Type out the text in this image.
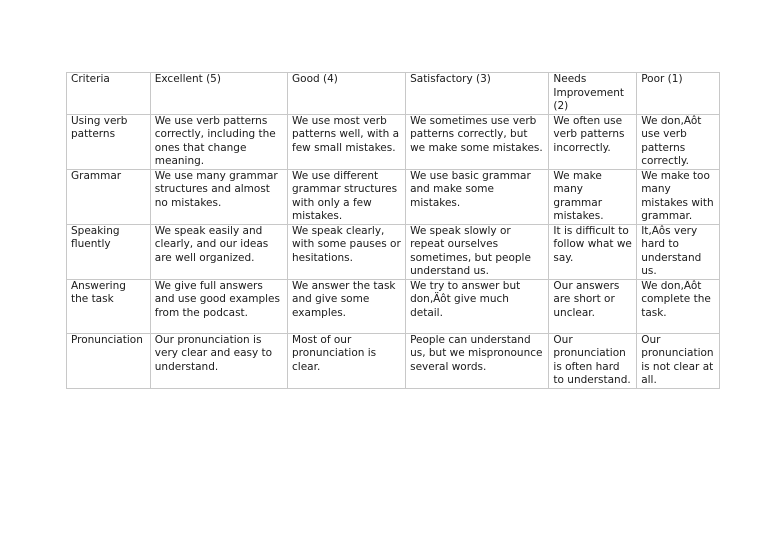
Criteria	Excellent (5)	Good (4)	Satisfactory (3)	Needs Improvement (2)	Poor (1)
Using verb patterns	We use verb patterns correctly, including the ones that change meaning.	We use most verb patterns well, with a few small mistakes.	We sometimes use verb patterns correctly, but we make some mistakes.	We often use verb patterns incorrectly.	We don‚Äôt use verb patterns correctly.
Grammar	We use many grammar structures and almost no mistakes.	We use different grammar structures with only a few mistakes.	We use basic grammar and make some mistakes.	We make many grammar mistakes.	We make too many mistakes with grammar.
Speaking fluently	We speak easily and clearly, and our ideas are well organized.	We speak clearly, with some pauses or hesitations.	We speak slowly or repeat ourselves sometimes, but people understand us.	It is difficult to follow what we say.	It‚Äôs very hard to understand us.
Answering the task	We give full answers and use good examples from the podcast.	We answer the task and give some examples.	We try to answer but don‚Äôt give much detail.	Our answers are short or unclear.	We don‚Äôt complete the task.
Pronunciation	Our pronunciation is very clear and easy to understand.	Most of our pronunciation is clear.	People can understand us, but we mispronounce several words.	Our pronunciation is often hard to understand.	Our pronunciation is not clear at all.
